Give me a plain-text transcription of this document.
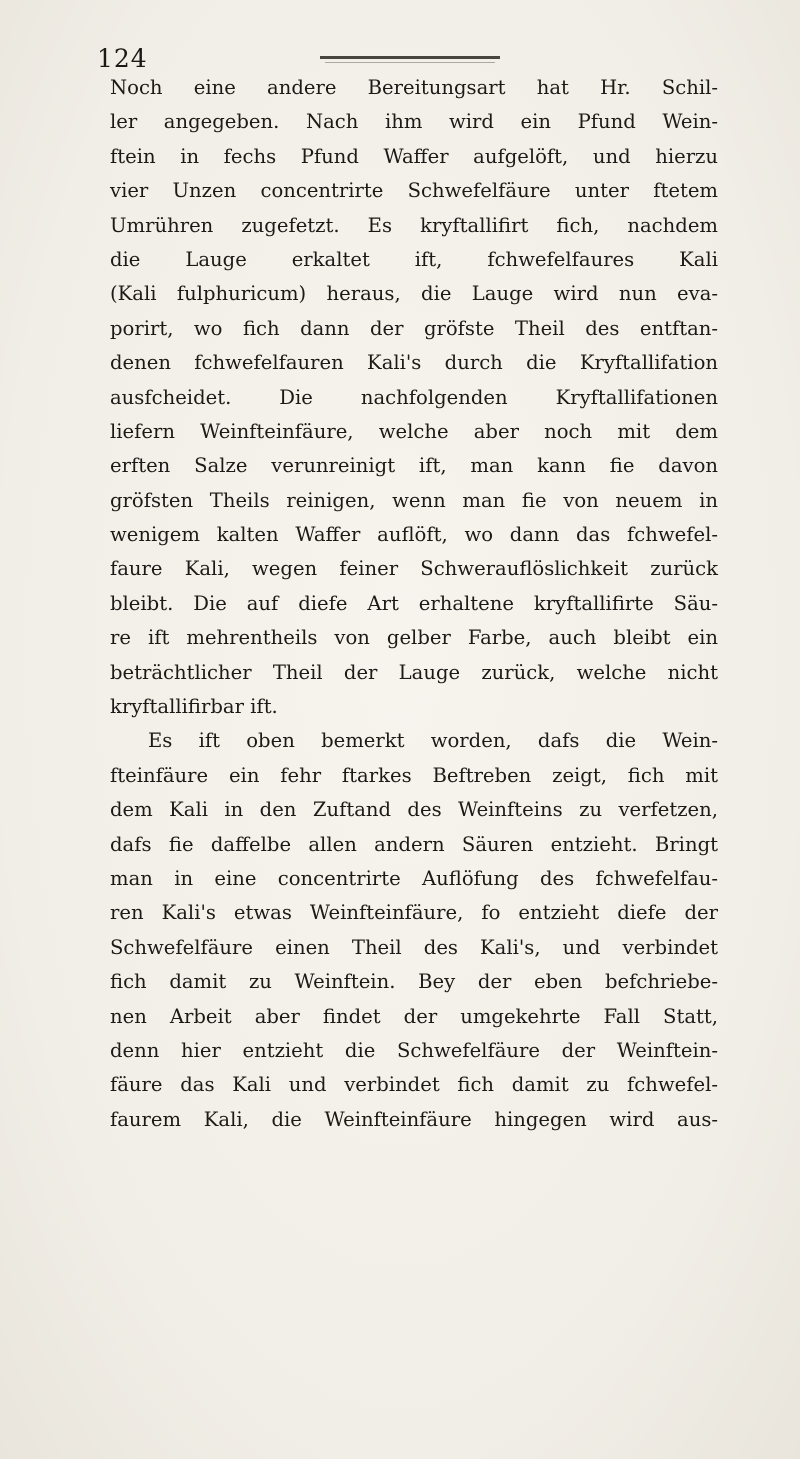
124
Noch eine andere Bereitungsart hat Hr. Schil-
ler angegeben. Nach ihm wird ein Pfund Wein-
ftein in fechs Pfund Waffer aufgelöft, und hierzu
vier Unzen concentrirte Schwefelfäure unter ftetem
Umrühren zugefetzt. Es kryftallifirt fich, nachdem
die Lauge erkaltet ift, fchwefelfaures Kali
(Kali fulphuricum) heraus, die Lauge wird nun eva-
porirt, wo fich dann der gröfste Theil des entftan-
denen fchwefelfauren Kali's durch die Kryftallifation
ausfcheidet. Die nachfolgenden Kryftallifationen
liefern Weinfteinfäure, welche aber noch mit dem
erften Salze verunreinigt ift, man kann fie davon
gröfsten Theils reinigen, wenn man fie von neuem in
wenigem kalten Waffer auflöft, wo dann das fchwefel-
faure Kali, wegen feiner Schwerauflöslichkeit zurück
bleibt. Die auf diefe Art erhaltene kryftallifirte Säu-
re ift mehrentheils von gelber Farbe, auch bleibt ein
beträchtlicher Theil der Lauge zurück, welche nicht
kryftallifirbar ift.
Es ift oben bemerkt worden, dafs die Wein-
fteinfäure ein fehr ftarkes Beftreben zeigt, fich mit
dem Kali in den Zuftand des Weinfteins zu verfetzen,
dafs fie daffelbe allen andern Säuren entzieht. Bringt
man in eine concentrirte Auflöfung des fchwefelfau-
ren Kali's etwas Weinfteinfäure, fo entzieht diefe der
Schwefelfäure einen Theil des Kali's, und verbindet
fich damit zu Weinftein. Bey der eben befchriebe-
nen Arbeit aber findet der umgekehrte Fall Statt,
denn hier entzieht die Schwefelfäure der Weinftein-
fäure das Kali und verbindet fich damit zu fchwefel-
faurem Kali, die Weinfteinfäure hingegen wird aus-
